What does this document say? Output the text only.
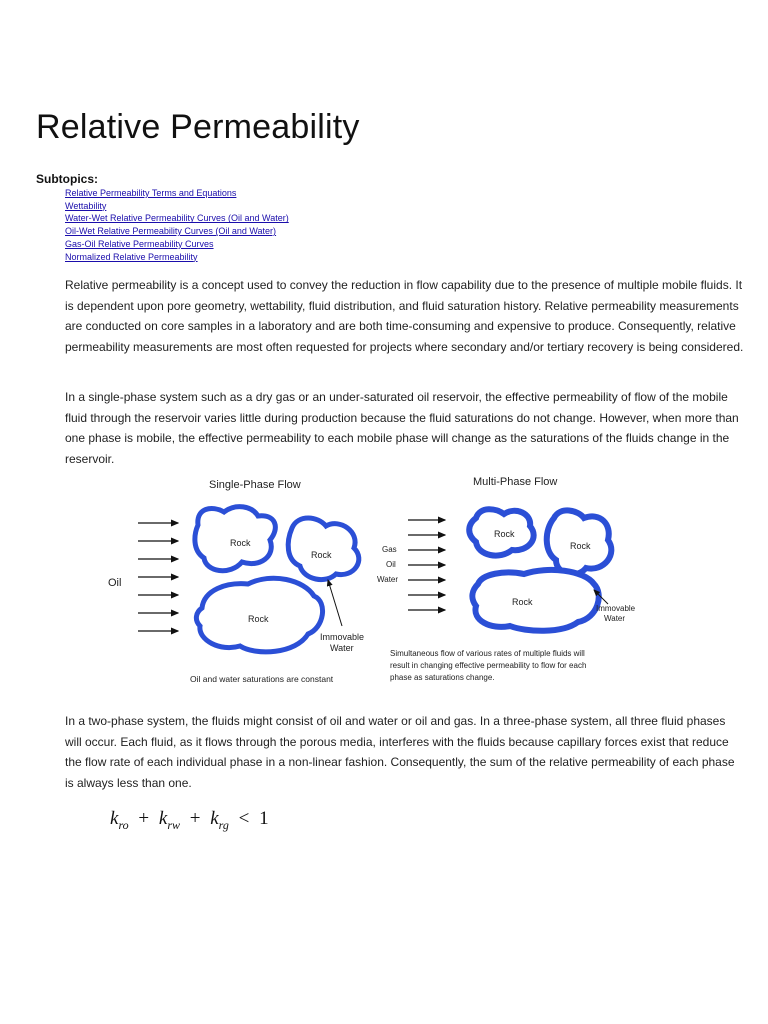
Relative Permeability
Subtopics:
Relative Permeability Terms and Equations
Wettability
Water-Wet Relative Permeability Curves (Oil and Water)
Oil-Wet Relative Permeability Curves (Oil and Water)
Gas-Oil Relative Permeability Curves
Normalized Relative Permeability

Relative permeability is a concept used to convey the reduction in flow capability due to the presence of multiple mobile fluids. It is dependent upon pore geometry, wettability, fluid distribution, and fluid saturation history. Relative permeability measurements are conducted on core samples in a laboratory and are both time-consuming and expensive to produce. Consequently, relative permeability measurements are most often requested for projects where secondary and/or tertiary recovery is being considered.

In a single-phase system such as a dry gas or an under-saturated oil reservoir, the effective permeability of flow of the mobile fluid through the reservoir varies little during production because the fluid saturations do not change. However, when more than one phase is mobile, the effective permeability to each mobile phase will change as the saturations of the fluids change in the reservoir.

Single-Phase Flow
Oil
Rock
Rock
Rock
Immovable Water
Oil and water saturations are constant
Multi-Phase Flow
Gas
Oil
Water
Rock
Rock
Rock
Immovable Water
Simultaneous flow of various rates of multiple fluids will result in changing effective permeability to flow for each phase as saturations change.

In a two-phase system, the fluids might consist of oil and water or oil and gas. In a three-phase system, all three fluid phases will occur. Each fluid, as it flows through the porous media, interferes with the fluids because capillary forces exist that reduce the flow rate of each individual phase in a non-linear fashion. Consequently, the sum of the relative permeability of each phase is always less than one.

$k_{ro} + k_{rw} + k_{rg} < 1$
